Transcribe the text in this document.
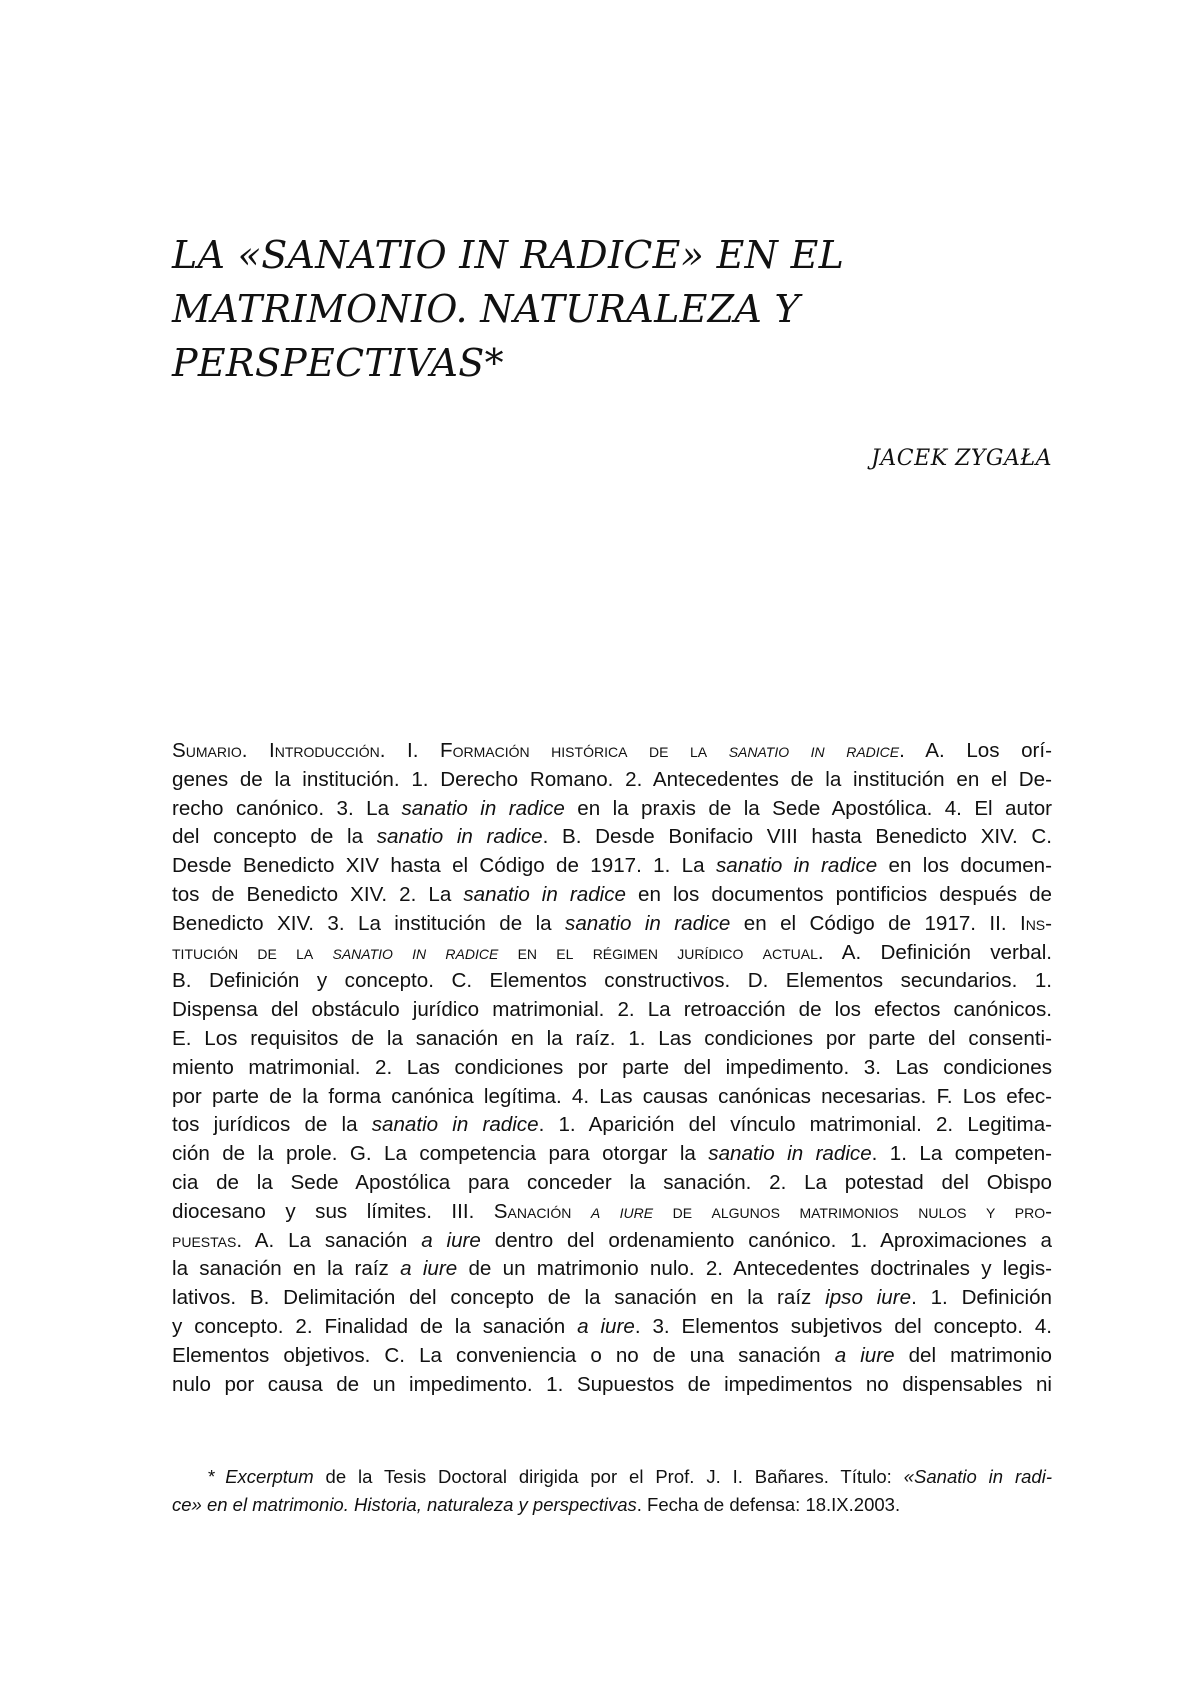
LA «SANATIO IN RADICE» EN EL
MATRIMONIO. NATURALEZA Y
PERSPECTIVAS*
JACEK ZYGAŁA

Sumario. Introducción. I. Formación histórica de la sanatio in radice. A. Los orí-
genes de la institución. 1. Derecho Romano. 2. Antecedentes de la institución en el De-
recho canónico. 3. La sanatio in radice en la praxis de la Sede Apostólica. 4. El autor
del concepto de la sanatio in radice. B. Desde Bonifacio VIII hasta Benedicto XIV. C.
Desde Benedicto XIV hasta el Código de 1917. 1. La sanatio in radice en los documen-
tos de Benedicto XIV. 2. La sanatio in radice en los documentos pontificios después de
Benedicto XIV. 3. La institución de la sanatio in radice en el Código de 1917. II. Ins-
titución de la sanatio in radice en el régimen jurídico actual. A. Definición verbal.
B. Definición y concepto. C. Elementos constructivos. D. Elementos secundarios. 1.
Dispensa del obstáculo jurídico matrimonial. 2. La retroacción de los efectos canónicos.
E. Los requisitos de la sanación en la raíz. 1. Las condiciones por parte del consenti-
miento matrimonial. 2. Las condiciones por parte del impedimento. 3. Las condiciones
por parte de la forma canónica legítima. 4. Las causas canónicas necesarias. F. Los efec-
tos jurídicos de la sanatio in radice. 1. Aparición del vínculo matrimonial. 2. Legitima-
ción de la prole. G. La competencia para otorgar la sanatio in radice. 1. La competen-
cia de la Sede Apostólica para conceder la sanación. 2. La potestad del Obispo
diocesano y sus límites. III. Sanación a iure de algunos matrimonios nulos y pro-
puestas. A. La sanación a iure dentro del ordenamiento canónico. 1. Aproximaciones a
la sanación en la raíz a iure de un matrimonio nulo. 2. Antecedentes doctrinales y legis-
lativos. B. Delimitación del concepto de la sanación en la raíz ipso iure. 1. Definición
y concepto. 2. Finalidad de la sanación a iure. 3. Elementos subjetivos del concepto. 4.
Elementos objetivos. C. La conveniencia o no de una sanación a iure del matrimonio
nulo por causa de un impedimento. 1. Supuestos de impedimentos no dispensables ni

* Excerptum de la Tesis Doctoral dirigida por el Prof. J. I. Bañares. Título: «Sanatio in radi-
ce» en el matrimonio. Historia, naturaleza y perspectivas. Fecha de defensa: 18.IX.2003.
